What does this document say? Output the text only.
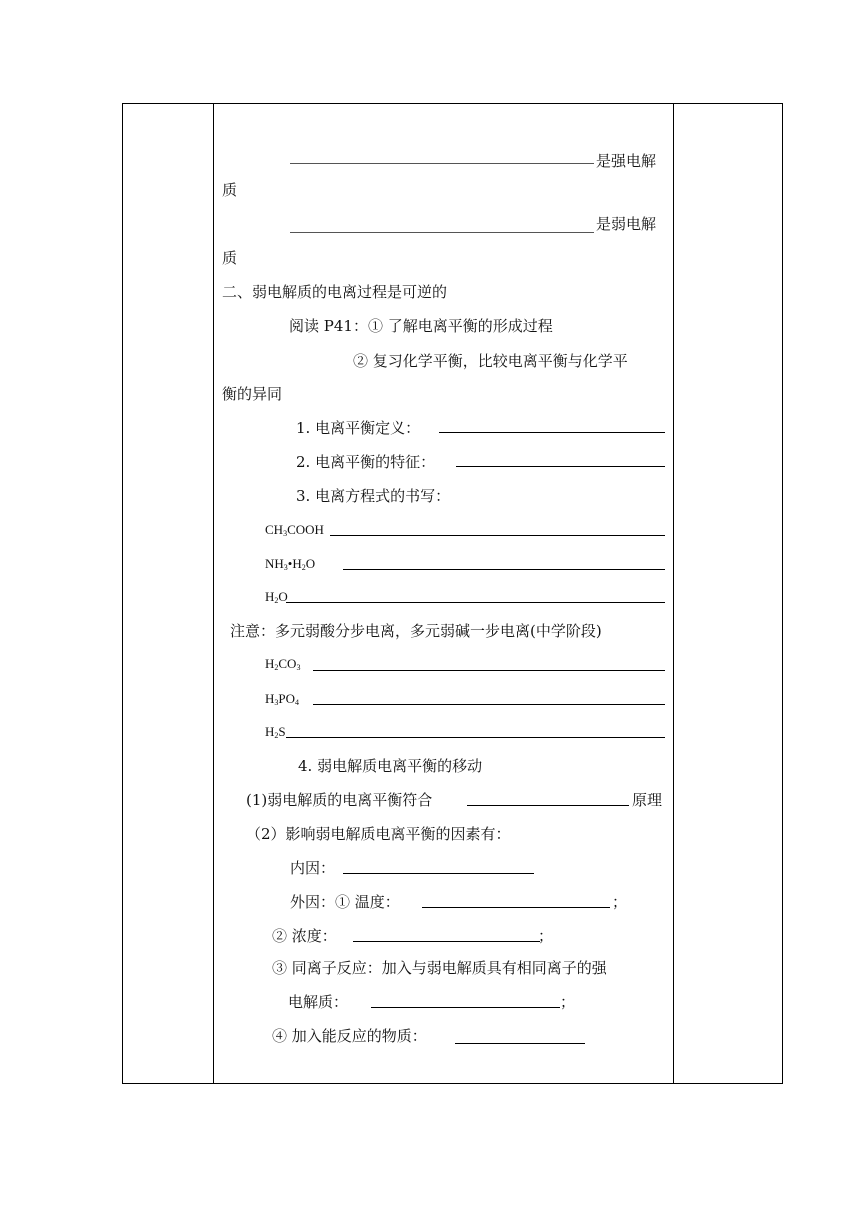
是强电解
质
是弱电解
质
二、弱电解质的电离过程是可逆的
阅读 P41：① 了解电离平衡的形成过程
② 复习化学平衡，比较电离平衡与化学平
衡的异同
1. 电离平衡定义：
2. 电离平衡的特征：
3. 电离方程式的书写：
$CH_3COOH$
$NH_3•H_2O$
$H_2O$
注意：多元弱酸分步电离，多元弱碱一步电离(中学阶段)
$H_2CO_3$
$H_3PO_4$
$H_2S$
4. 弱电解质电离平衡的移动
(1)弱电解质的电离平衡符合	原理
（2）影响弱电解质电离平衡的因素有：
内因：
外因：① 温度：	；
② 浓度：	；
③ 同离子反应：加入与弱电解质具有相同离子的强
电解质：	；
④ 加入能反应的物质：
